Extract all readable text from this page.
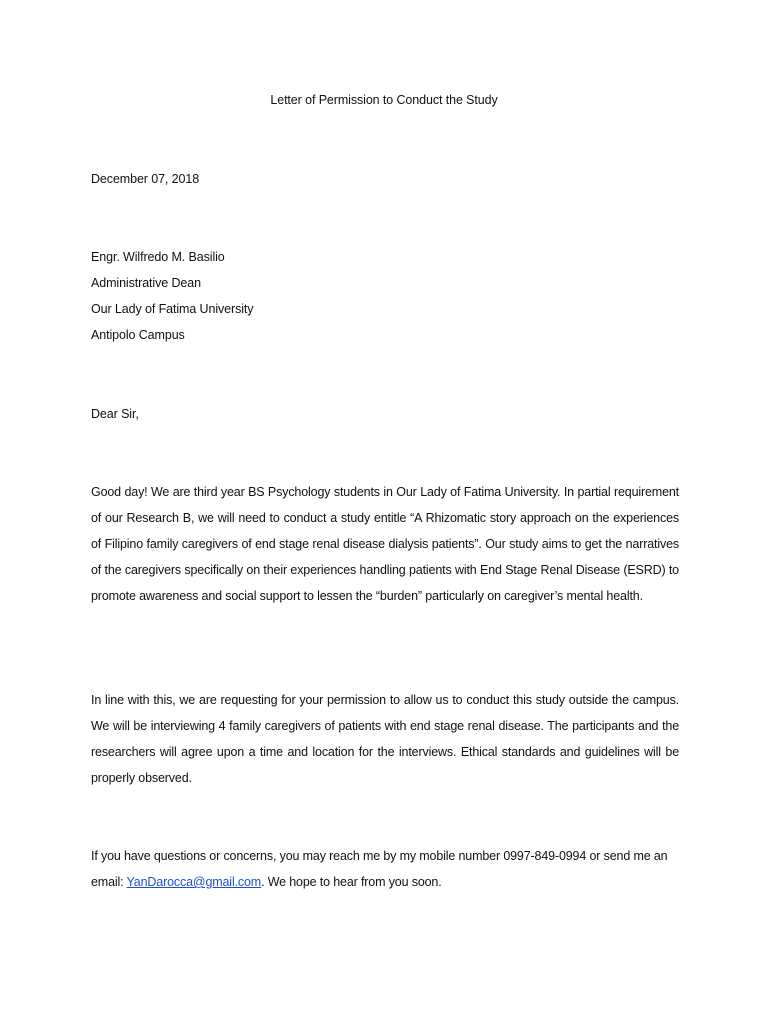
Letter of Permission to Conduct the Study
December 07, 2018
Engr. Wilfredo M. Basilio
Administrative Dean
Our Lady of Fatima University
Antipolo Campus
Dear Sir,
Good day! We are third year BS Psychology students in Our Lady of Fatima University. In partial requirement of our Research B, we will need to conduct a study entitle “A Rhizomatic story approach on the experiences of Filipino family caregivers of end stage renal disease dialysis patients”. Our study aims to get the narratives of the caregivers specifically on their experiences handling patients with End Stage Renal Disease (ESRD) to promote awareness and social support to lessen the “burden” particularly on caregiver’s mental health.
In line with this, we are requesting for your permission to allow us to conduct this study outside the campus. We will be interviewing 4 family caregivers of patients with end stage renal disease. The participants and the researchers will agree upon a time and location for the interviews. Ethical standards and guidelines will be properly observed.
If you have questions or concerns, you may reach me by my mobile number 0997-849-0994 or send me an email: YanDarocca@gmail.com. We hope to hear from you soon.
